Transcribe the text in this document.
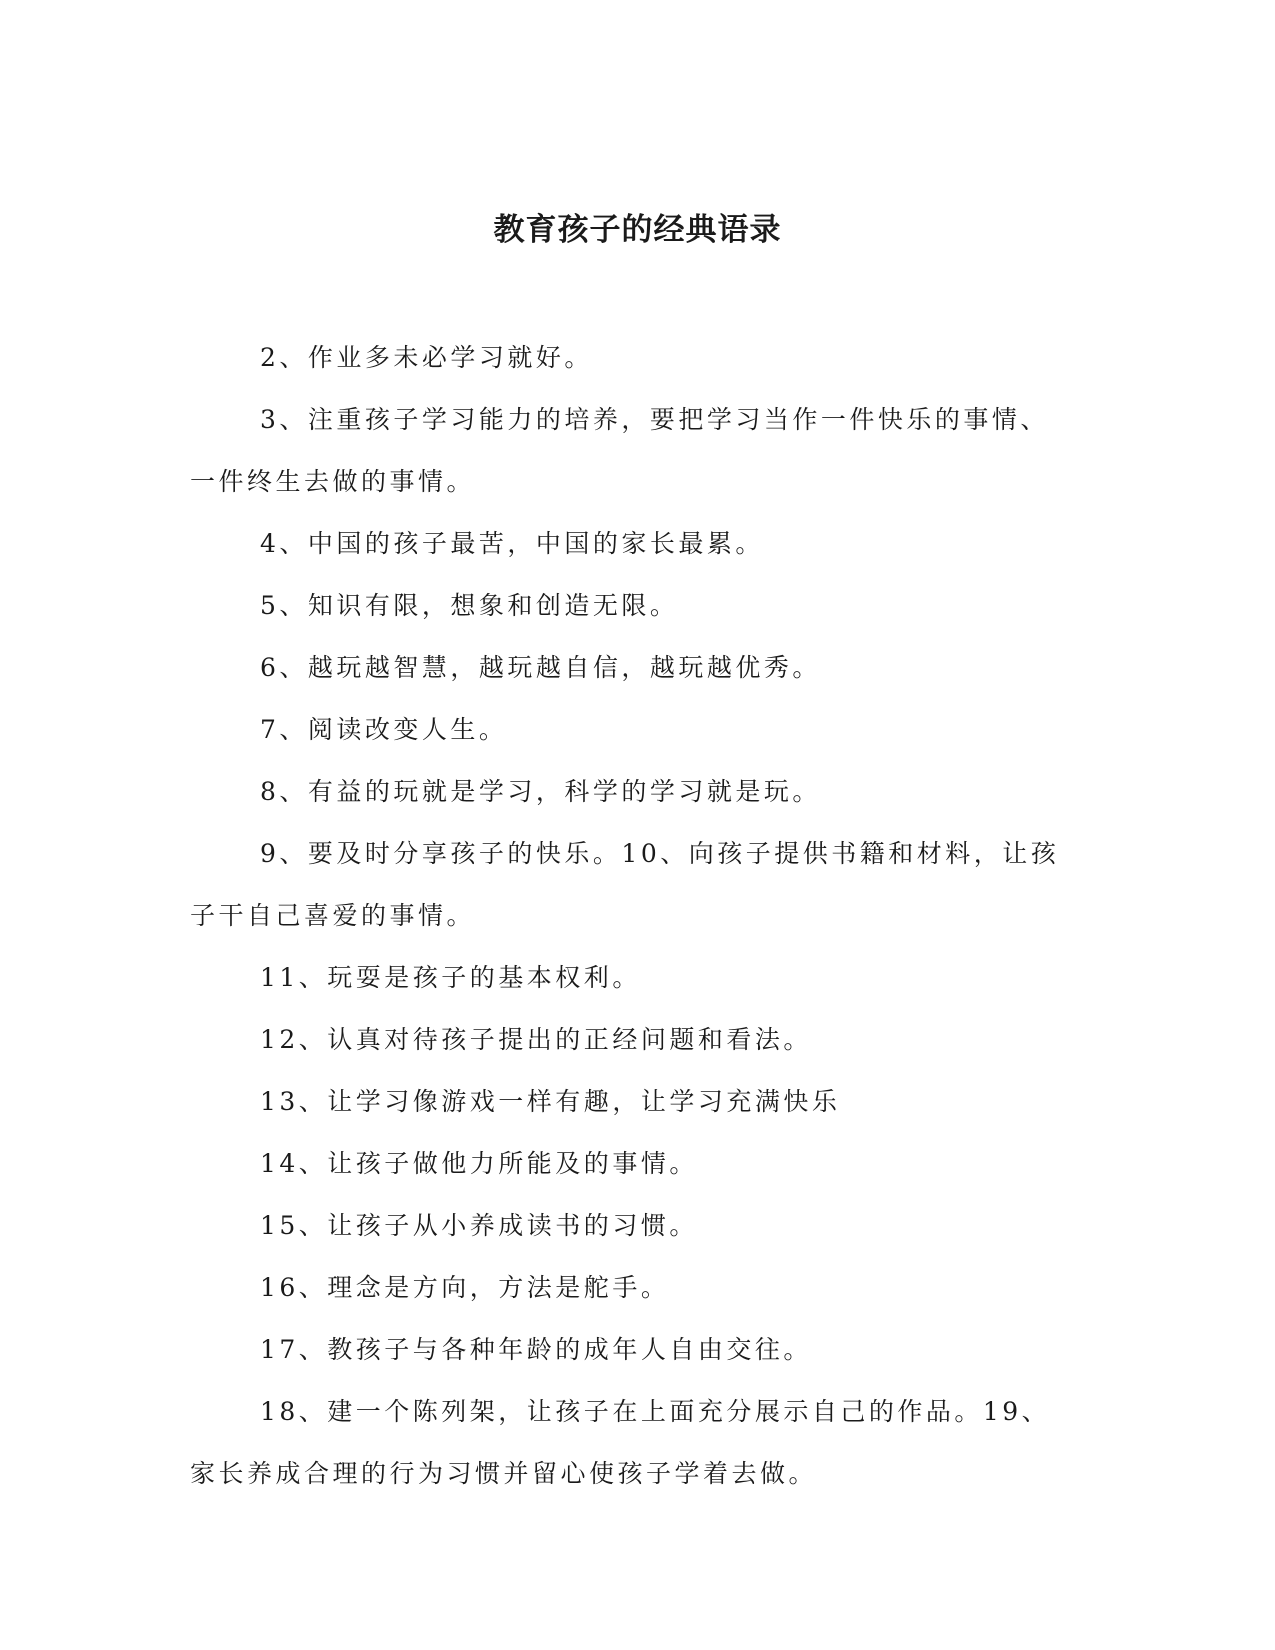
教育孩子的经典语录

2、作业多未必学习就好。

3、注重孩子学习能力的培养，要把学习当作一件快乐的事情、一件终生去做的事情。

4、中国的孩子最苦，中国的家长最累。

5、知识有限，想象和创造无限。

6、越玩越智慧，越玩越自信，越玩越优秀。

7、阅读改变人生。

8、有益的玩就是学习，科学的学习就是玩。

9、要及时分享孩子的快乐。10、向孩子提供书籍和材料，让孩子干自己喜爱的事情。

11、玩耍是孩子的基本权利。

12、认真对待孩子提出的正经问题和看法。

13、让学习像游戏一样有趣，让学习充满快乐

14、让孩子做他力所能及的事情。

15、让孩子从小养成读书的习惯。

16、理念是方向，方法是舵手。

17、教孩子与各种年龄的成年人自由交往。

18、建一个陈列架，让孩子在上面充分展示自己的作品。19、家长养成合理的行为习惯并留心使孩子学着去做。
